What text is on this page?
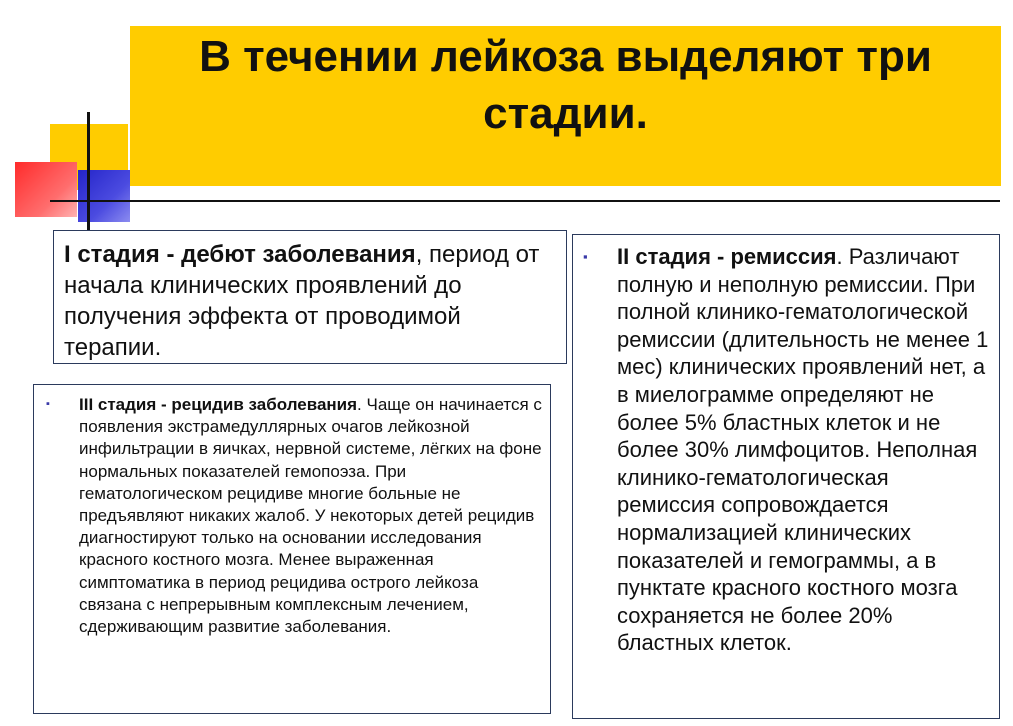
В течении лейкоза выделяют три стадии.
I стадия - дебют заболевания, период от начала клинических проявлений до получения эффекта от проводимой терапии.
▪	II стадия - ремиссия. Различают полную и неполную ремиссии. При полной клинико-гематологической ремиссии (длительность не менее 1 мес) клинических проявлений нет, а в миелограмме определяют не более 5% бластных клеток и не более 30% лимфоцитов. Неполная клинико-гематологическая ремиссия сопровождается нормализацией клинических показателей и гемограммы, а в пунктате красного костного мозга сохраняется не более 20% бластных клеток.
▪	III стадия - рецидив заболевания. Чаще он начинается с появления экстрамедуллярных очагов лейкозной инфильтрации в яичках, нервной системе, лёгких на фоне нормальных показателей гемопоэза. При гематологическом рецидиве многие больные не предъявляют никаких жалоб. У некоторых детей рецидив диагностируют только на основании исследования красного костного мозга. Менее выраженная симптоматика в период рецидива острого лейкоза связана с непрерывным комплексным лечением, сдерживающим развитие заболевания.
